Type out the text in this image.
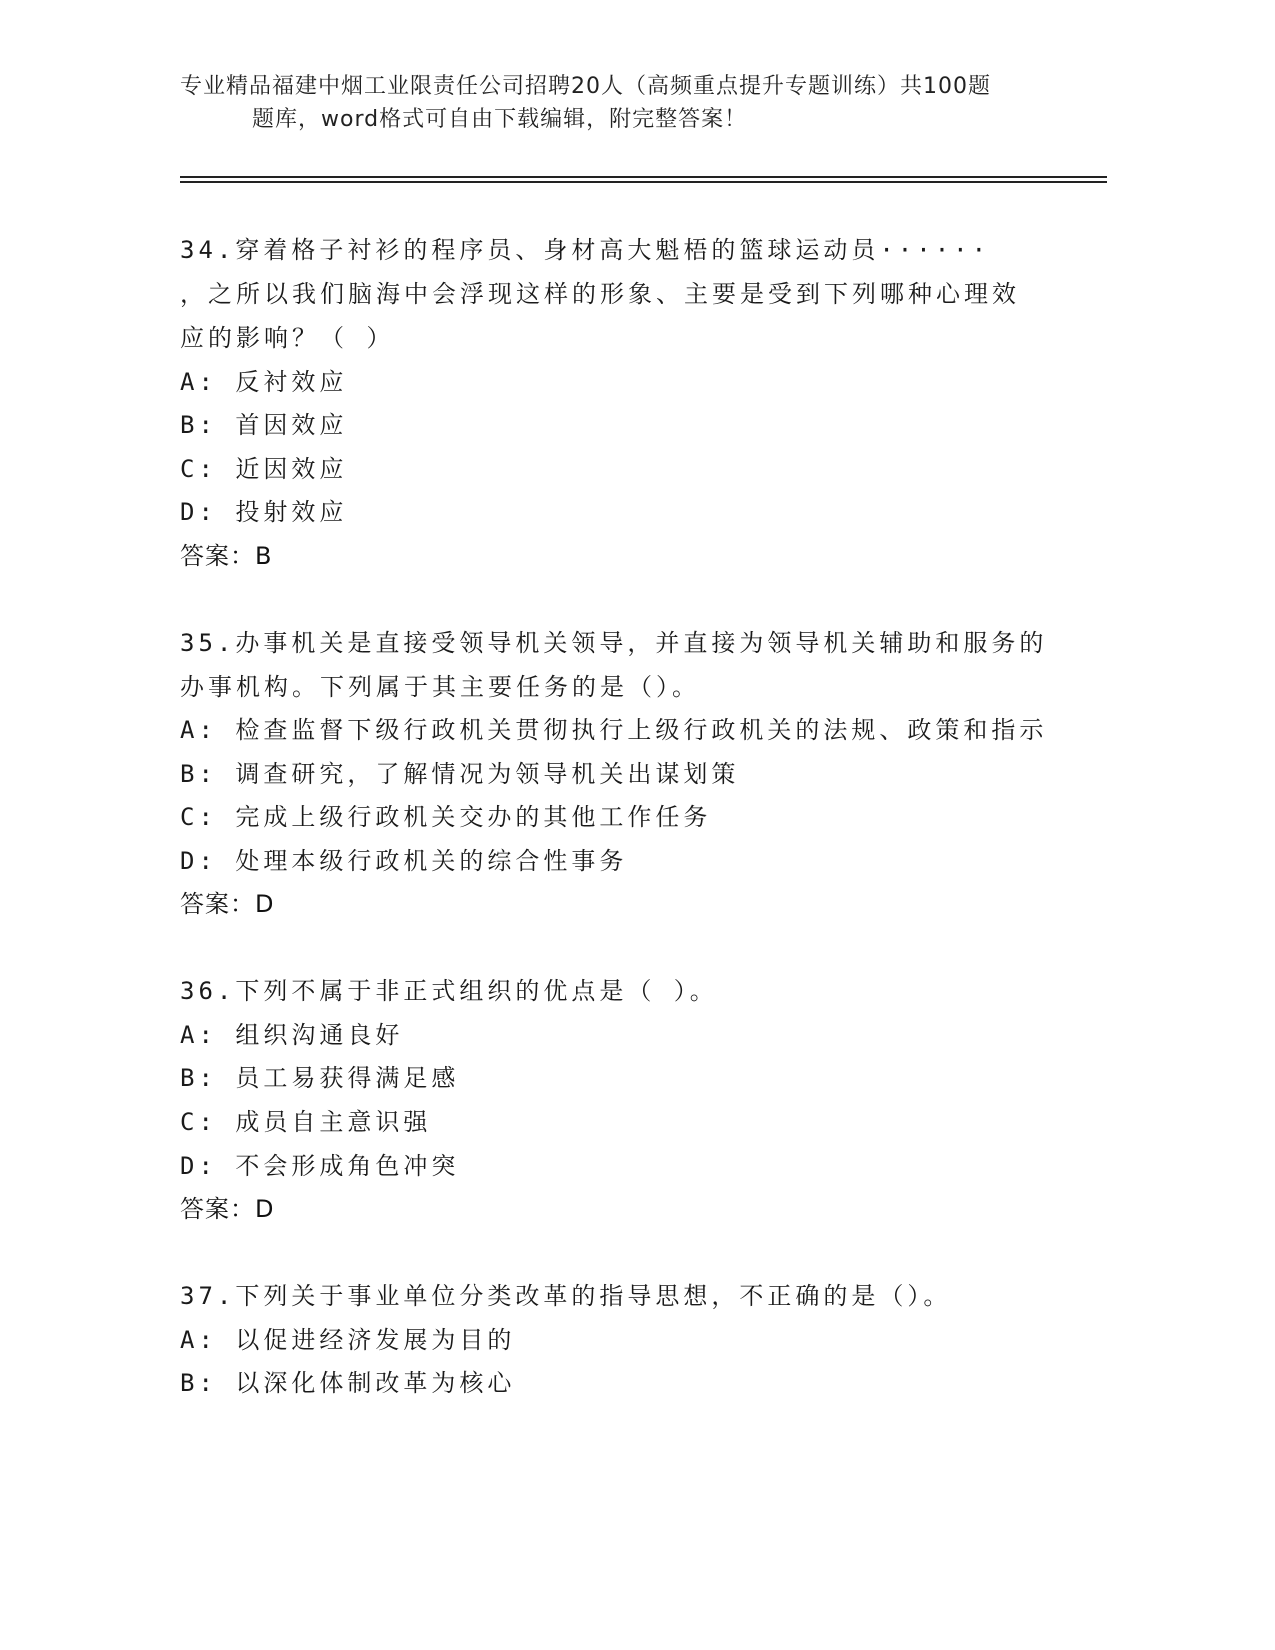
专业精品福建中烟工业限责任公司招聘20人（高频重点提升专题训练）共100题
题库，word格式可自由下载编辑，附完整答案！
34.穿着格子衬衫的程序员、身材高大魁梧的篮球运动员······
，之所以我们脑海中会浮现这样的形象、主要是受到下列哪种心理效
应的影响？（ ）
A: 反衬效应
B: 首因效应
C: 近因效应
D: 投射效应
答案：B
35.办事机关是直接受领导机关领导，并直接为领导机关辅助和服务的
办事机构。下列属于其主要任务的是（）。
A: 检查监督下级行政机关贯彻执行上级行政机关的法规、政策和指示
B: 调查研究，了解情况为领导机关出谋划策
C: 完成上级行政机关交办的其他工作任务
D: 处理本级行政机关的综合性事务
答案：D
36.下列不属于非正式组织的优点是（ ）。
A: 组织沟通良好
B: 员工易获得满足感
C: 成员自主意识强
D: 不会形成角色冲突
答案：D
37.下列关于事业单位分类改革的指导思想，不正确的是（）。
A: 以促进经济发展为目的
B: 以深化体制改革为核心
